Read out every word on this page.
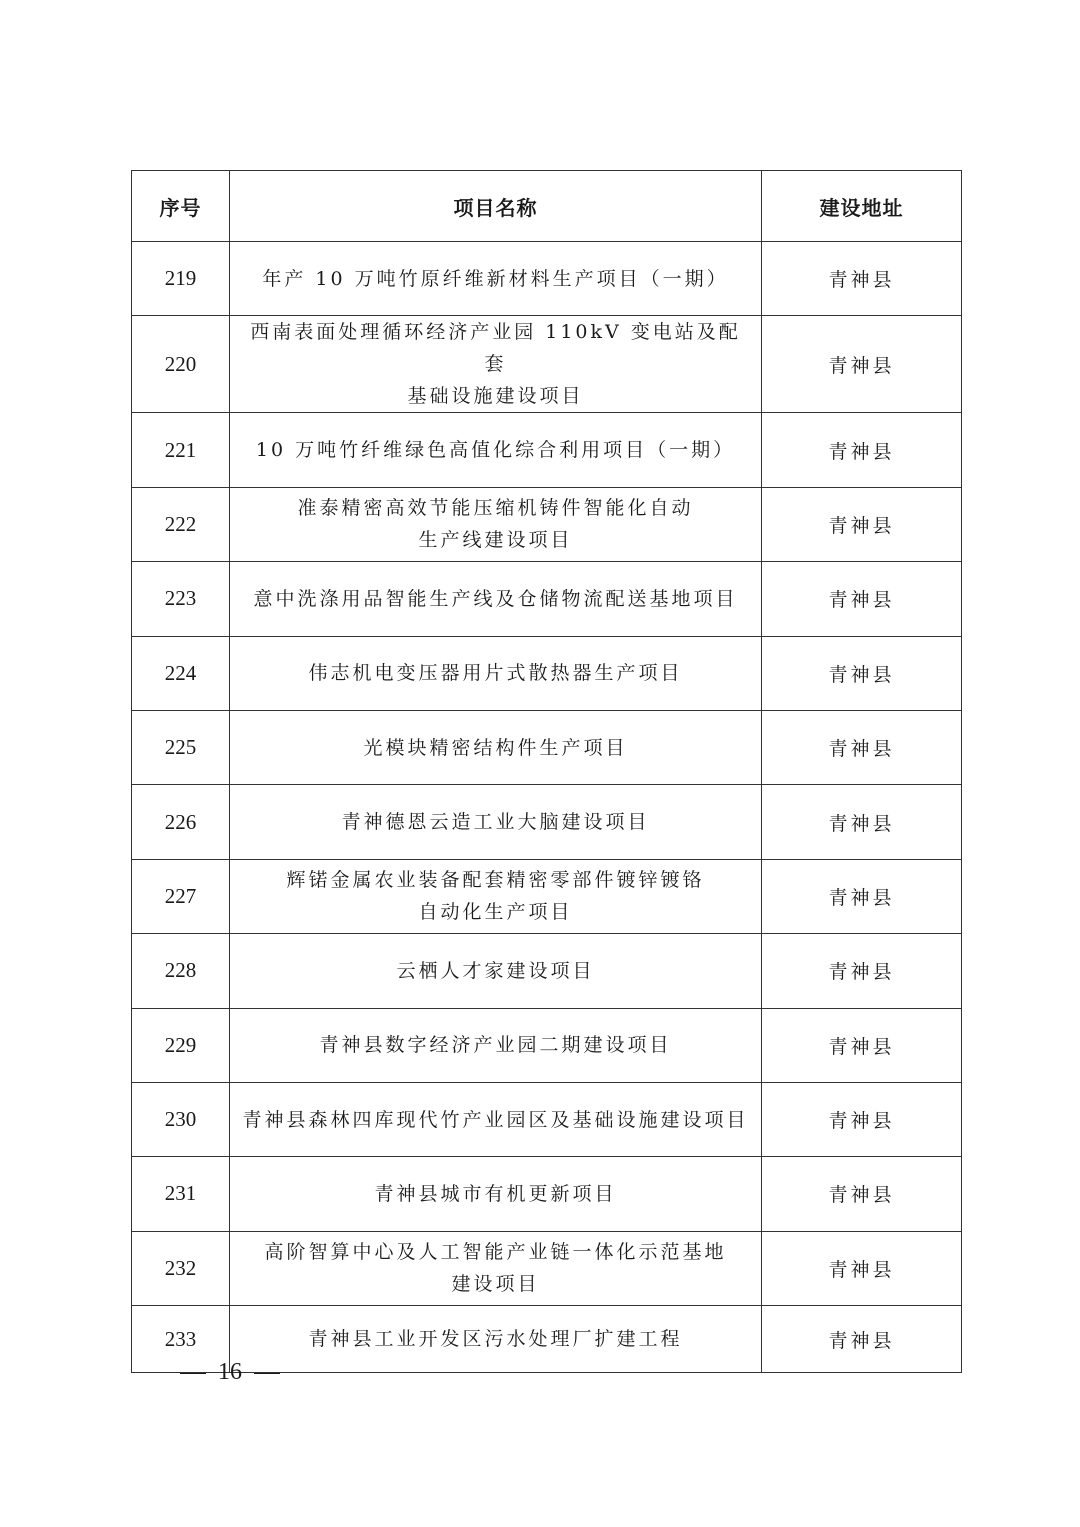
序号	项目名称	建设地址
219	年产 10 万吨竹原纤维新材料生产项目（一期）	青神县
220	西南表面处理循环经济产业园 110kV 变电站及配套
基础设施建设项目	青神县
221	10 万吨竹纤维绿色高值化综合利用项目（一期）	青神县
222	准泰精密高效节能压缩机铸件智能化自动
生产线建设项目	青神县
223	意中洗涤用品智能生产线及仓储物流配送基地项目	青神县
224	伟志机电变压器用片式散热器生产项目	青神县
225	光模块精密结构件生产项目	青神县
226	青神德恩云造工业大脑建设项目	青神县
227	辉锘金属农业装备配套精密零部件镀锌镀铬
自动化生产项目	青神县
228	云栖人才家建设项目	青神县
229	青神县数字经济产业园二期建设项目	青神县
230	青神县森林四库现代竹产业园区及基础设施建设项目	青神县
231	青神县城市有机更新项目	青神县
232	高阶智算中心及人工智能产业链一体化示范基地
建设项目	青神县
233	青神县工业开发区污水处理厂扩建工程	青神县
16
